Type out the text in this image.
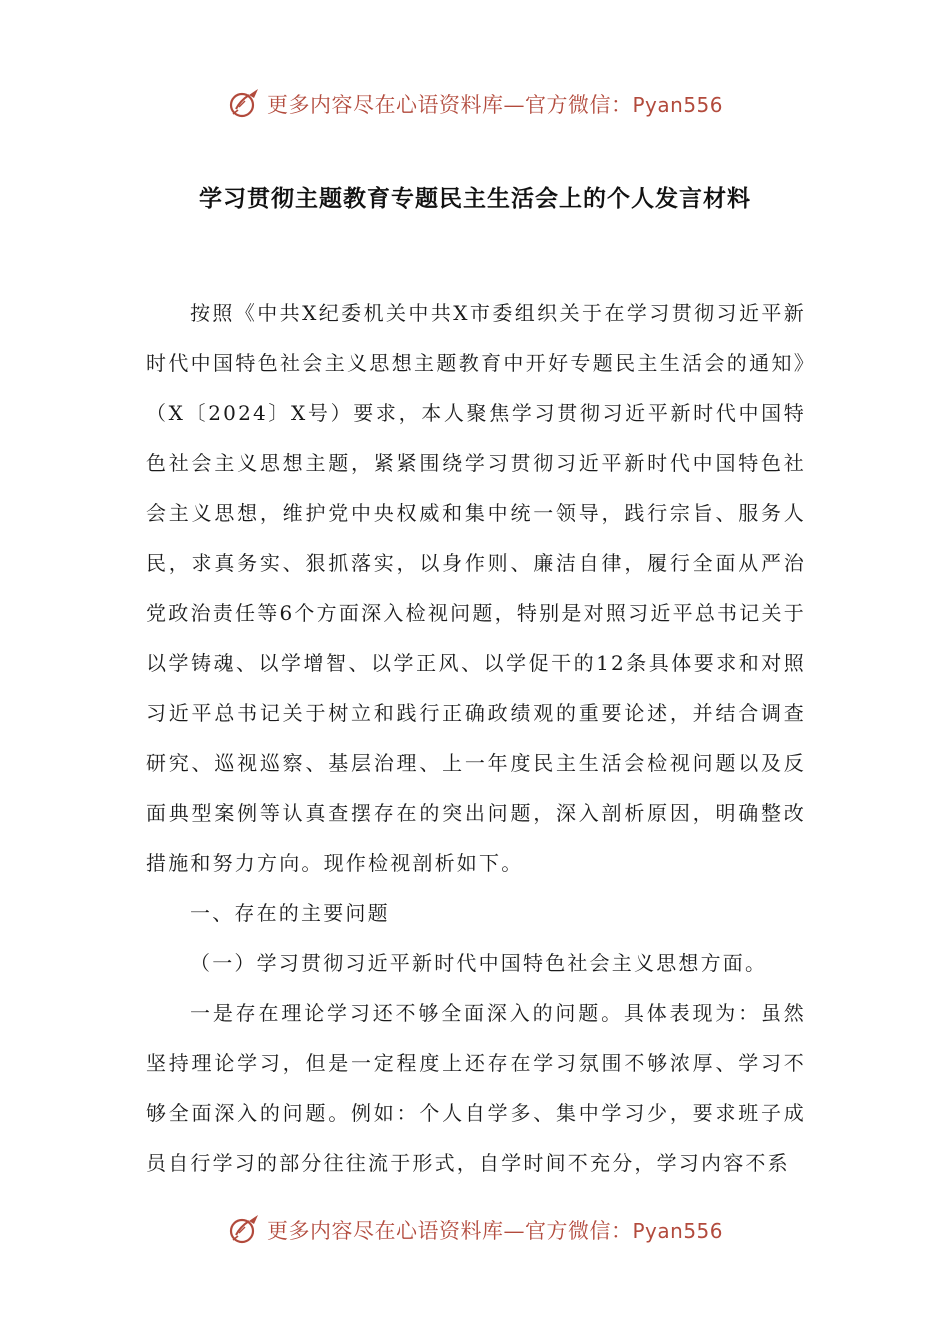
更多内容尽在心语资料库—官方微信：Pyan556
学习贯彻主题教育专题民主生活会上的个人发言材料

按照《中共X纪委机关中共X市委组织关于在学习贯彻习近平新时代中国特色社会主义思想主题教育中开好专题民主生活会的通知》（X〔2024〕X号）要求，本人聚焦学习贯彻习近平新时代中国特色社会主义思想主题，紧紧围绕学习贯彻习近平新时代中国特色社会主义思想，维护党中央权威和集中统一领导，践行宗旨、服务人民，求真务实、狠抓落实，以身作则、廉洁自律，履行全面从严治党政治责任等6个方面深入检视问题，特别是对照习近平总书记关于以学铸魂、以学增智、以学正风、以学促干的12条具体要求和对照习近平总书记关于树立和践行正确政绩观的重要论述，并结合调查研究、巡视巡察、基层治理、上一年度民主生活会检视问题以及反面典型案例等认真查摆存在的突出问题，深入剖析原因，明确整改措施和努力方向。现作检视剖析如下。

一、存在的主要问题

（一）学习贯彻习近平新时代中国特色社会主义思想方面。

一是存在理论学习还不够全面深入的问题。具体表现为：虽然坚持理论学习，但是一定程度上还存在学习氛围不够浓厚、学习不够全面深入的问题。例如：个人自学多、集中学习少，要求班子成员自行学习的部分往往流于形式，自学时间不充分，学习内容不系

更多内容尽在心语资料库—官方微信：Pyan556
